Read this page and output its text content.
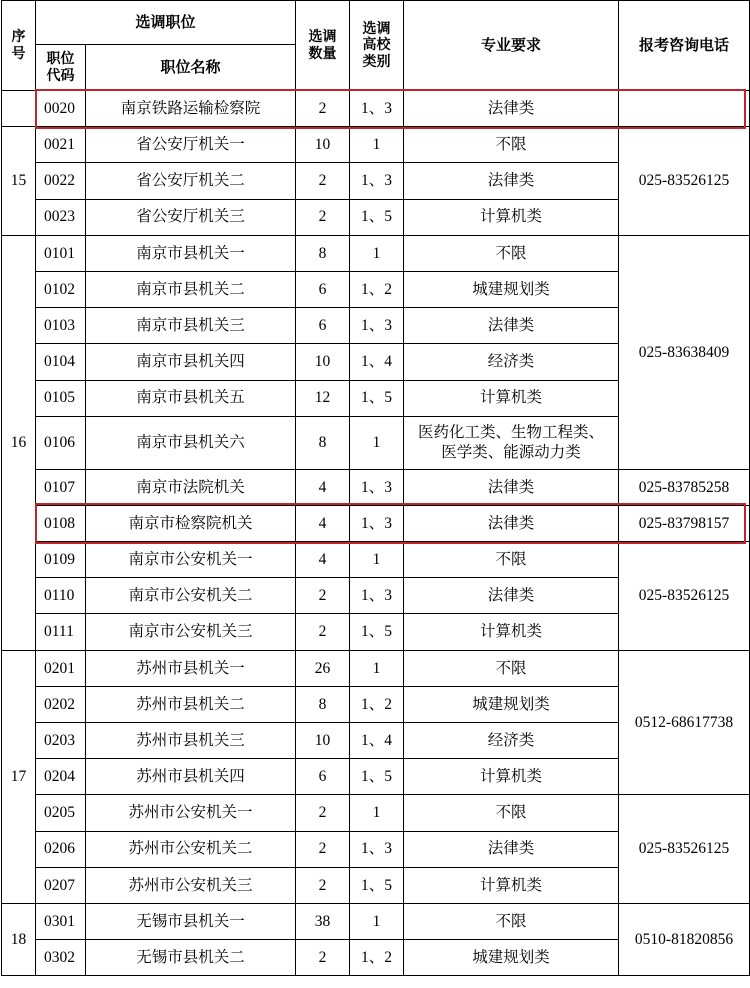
序号	选调职位		选调数量	选调高校类别	专业要求	报考咨询电话
	职位代码	职位名称				
	0020	南京铁路运输检察院	2	1、3	法律类	
15	0021	省公安厅机关一	10	1	不限	025-83526125
	0022	省公安厅机关二	2	1、3	法律类	
	0023	省公安厅机关三	2	1、5	计算机类	
16	0101	南京市县机关一	8	1	不限	025-83638409
	0102	南京市县机关二	6	1、2	城建规划类	
	0103	南京市县机关三	6	1、3	法律类	
	0104	南京市县机关四	10	1、4	经济类	
	0105	南京市县机关五	12	1、5	计算机类	
	0106	南京市县机关六	8	1	医药化工类、生物工程类、医学类、能源动力类	
	0107	南京市法院机关	4	1、3	法律类	025-83785258
	0108	南京市检察院机关	4	1、3	法律类	025-83798157
	0109	南京市公安机关一	4	1	不限	025-83526125
	0110	南京市公安机关二	2	1、3	法律类	
	0111	南京市公安机关三	2	1、5	计算机类	
17	0201	苏州市县机关一	26	1	不限	0512-68617738
	0202	苏州市县机关二	8	1、2	城建规划类	
	0203	苏州市县机关三	10	1、4	经济类	
	0204	苏州市县机关四	6	1、5	计算机类	
	0205	苏州市公安机关一	2	1	不限	025-83526125
	0206	苏州市公安机关二	2	1、3	法律类	
	0207	苏州市公安机关三	2	1、5	计算机类	
18	0301	无锡市县机关一	38	1	不限	0510-81820856
	0302	无锡市县机关二	2	1、2	城建规划类	
